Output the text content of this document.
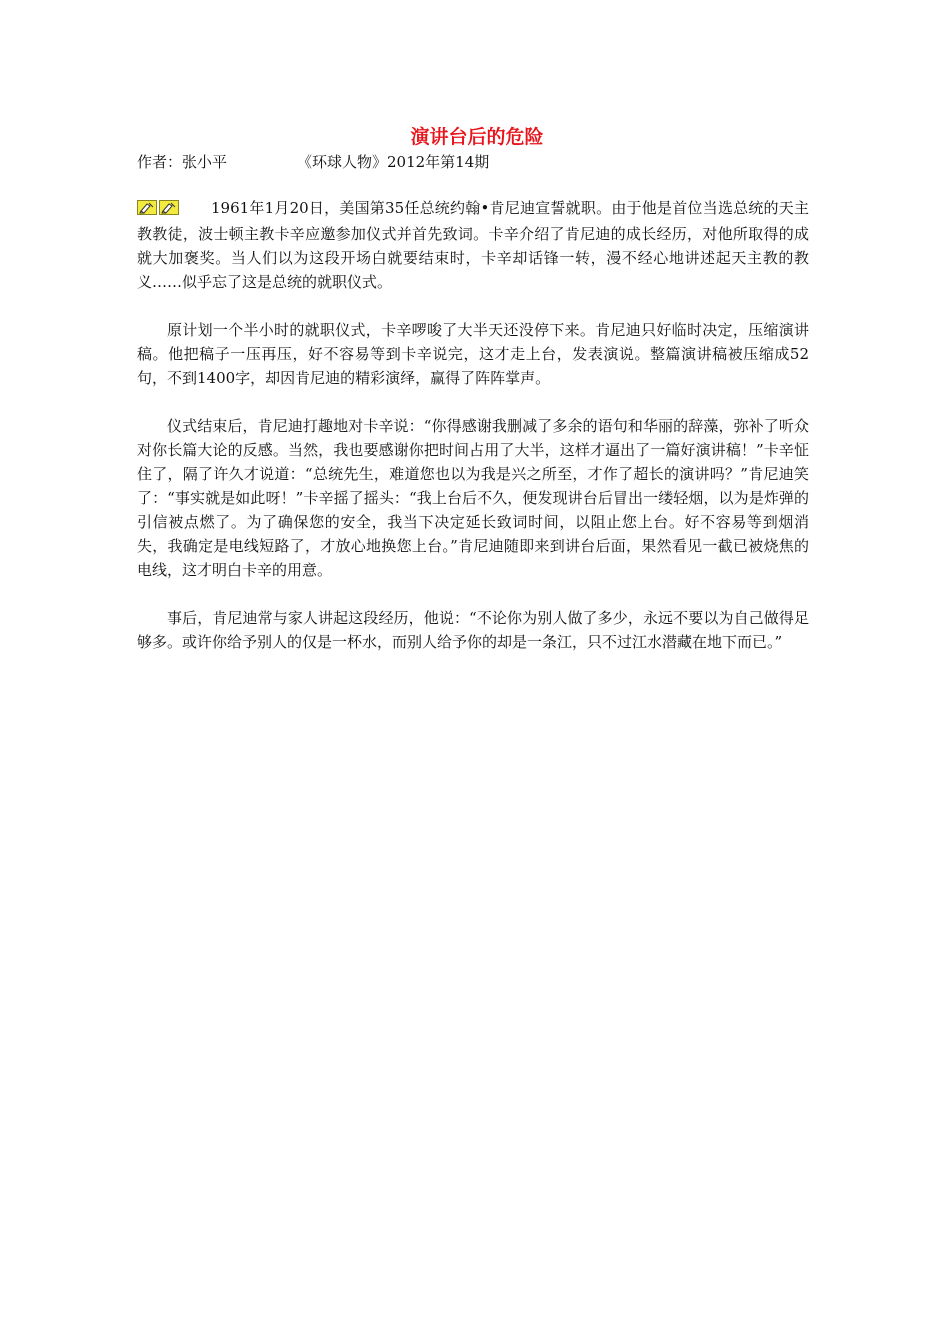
演讲台后的危险
作者：张小平	《环球人物》2012年第14期

1961年1月20日，美国第35任总统约翰•肯尼迪宣誓就职。由于他是首位当选总统的天主教教徒，波士顿主教卡辛应邀参加仪式并首先致词。卡辛介绍了肯尼迪的成长经历，对他所取得的成就大加褒奖。当人们以为这段开场白就要结束时，卡辛却话锋一转，漫不经心地讲述起天主教的教义……似乎忘了这是总统的就职仪式。

原计划一个半小时的就职仪式，卡辛啰唆了大半天还没停下来。肯尼迪只好临时决定，压缩演讲稿。他把稿子一压再压，好不容易等到卡辛说完，这才走上台，发表演说。整篇演讲稿被压缩成52句，不到1400字，却因肯尼迪的精彩演绎，赢得了阵阵掌声。

仪式结束后，肯尼迪打趣地对卡辛说：“你得感谢我删减了多余的语句和华丽的辞藻，弥补了听众对你长篇大论的反感。当然，我也要感谢你把时间占用了大半，这样才逼出了一篇好演讲稿！”卡辛怔住了，隔了许久才说道：“总统先生，难道您也以为我是兴之所至，才作了超长的演讲吗？”肯尼迪笑了：“事实就是如此呀！”卡辛摇了摇头：“我上台后不久，便发现讲台后冒出一缕轻烟，以为是炸弹的引信被点燃了。为了确保您的安全，我当下决定延长致词时间，以阻止您上台。好不容易等到烟消失，我确定是电线短路了，才放心地换您上台。”肯尼迪随即来到讲台后面，果然看见一截已被烧焦的电线，这才明白卡辛的用意。

事后，肯尼迪常与家人讲起这段经历，他说：“不论你为别人做了多少，永远不要以为自己做得足够多。或许你给予别人的仅是一杯水，而别人给予你的却是一条江，只不过江水潜藏在地下而已。”
